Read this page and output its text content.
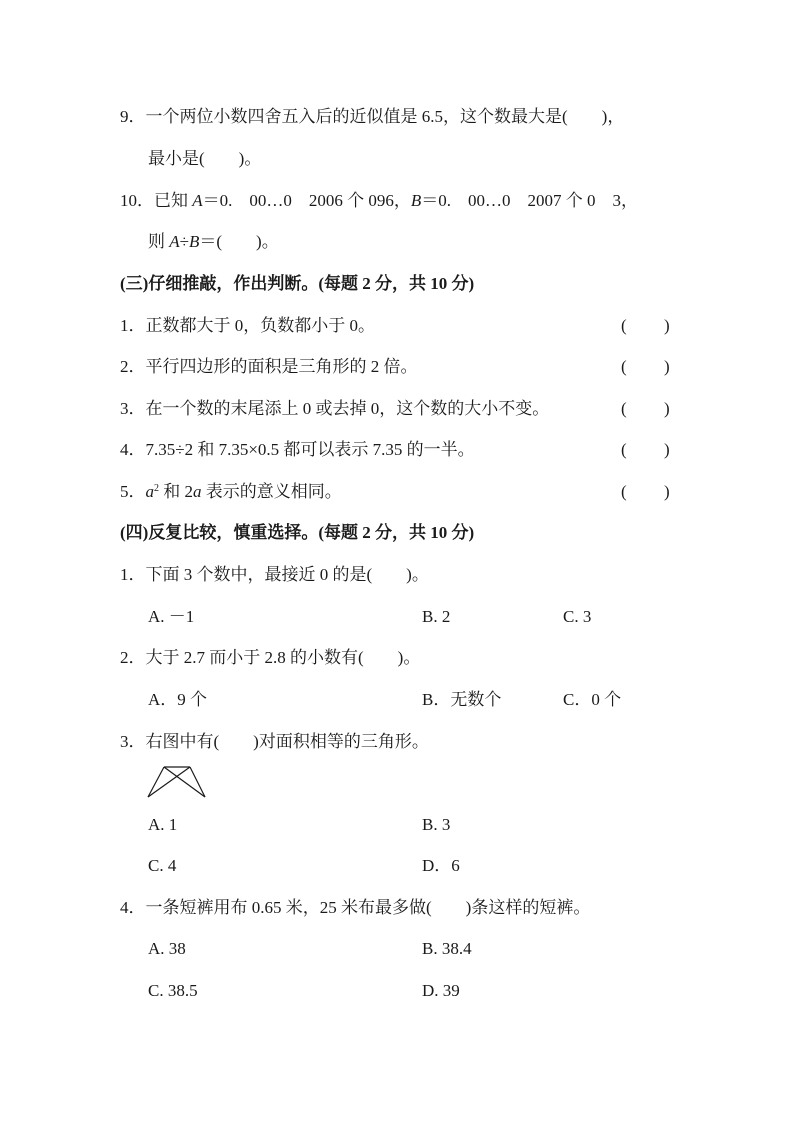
9．一个两位小数四舍五入后的近似值是 6.5，这个数最大是(　　)，
最小是(　　)。
10．已知 A＝0.　00…0　2006 个 096，B＝0.　00…0　2007 个 0　3，
则 A÷B＝(　　)。
(三)仔细推敲，作出判断。(每题 2 分，共 10 分)
1．正数都大于 0，负数都小于 0。	( )
2．平行四边形的面积是三角形的 2 倍。	( )
3．在一个数的末尾添上 0 或去掉 0，这个数的大小不变。	( )
4．7.35÷2 和 7.35×0.5 都可以表示 7.35 的一半。	( )
5．$a^2$ 和 2a 表示的意义相同。	( )
(四)反复比较，慎重选择。(每题 2 分，共 10 分)
1．下面 3 个数中，最接近 0 的是(　　)。
A. －1	B. 2	C. 3
2．大于 2.7 而小于 2.8 的小数有(　　)。
A．9 个	B．无数个	C．0 个
3．右图中有(　　)对面积相等的三角形。
A. 1	B. 3
C. 4	D．6
4．一条短裤用布 0.65 米，25 米布最多做(　　)条这样的短裤。
A. 38	B. 38.4
C. 38.5	D. 39
